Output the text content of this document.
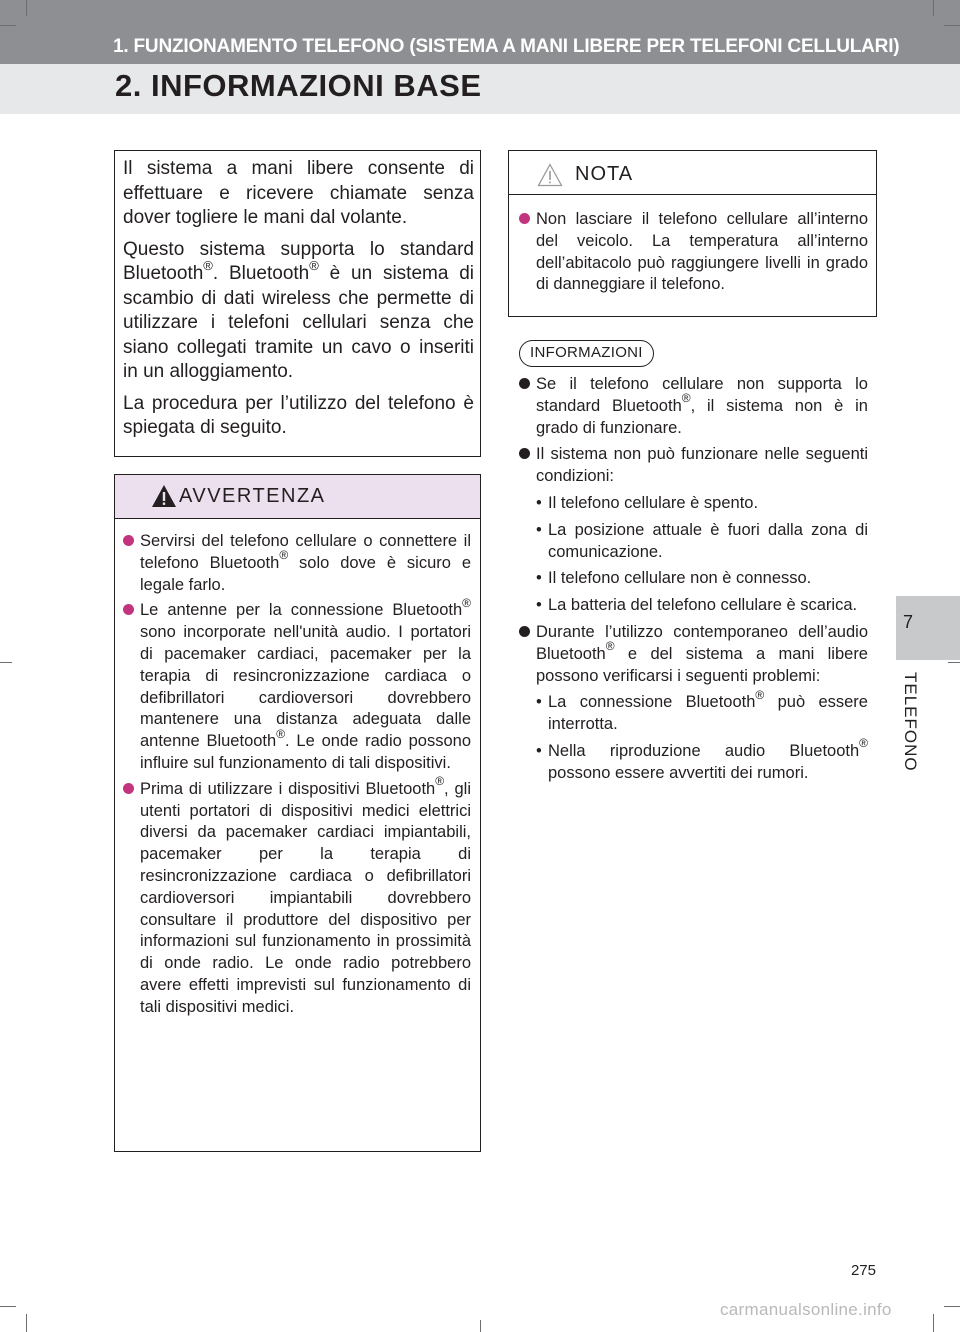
1. FUNZIONAMENTO TELEFONO (SISTEMA A MANI LIBERE PER TELEFONI CELLULARI)
2. INFORMAZIONI BASE
7
TELEFONO

Il sistema a mani libere consente di effettuare e ricevere chiamate senza dover togliere le mani dal volante.

Questo sistema supporta lo standard Bluetooth®. Bluetooth® è un sistema di scambio di dati wireless che permette di utilizzare i telefoni cellulari senza che siano collegati tramite un cavo o inseriti in un alloggiamento.

La procedura per l’utilizzo del telefono è spiegata di seguito.

AVVERTENZA
Servirsi del telefono cellulare o connettere il telefono Bluetooth® solo dove è sicuro e legale farlo.
Le antenne per la connessione Bluetooth® sono incorporate nell'unità audio. I portatori di pacemaker cardiaci, pacemaker per la terapia di resincronizzazione cardiaca o defibrillatori cardioversori dovrebbero mantenere una distanza adeguata dalle antenne Bluetooth®. Le onde radio possono influire sul funzionamento di tali dispositivi.
Prima di utilizzare i dispositivi Bluetooth®, gli utenti portatori di dispositivi medici elettrici diversi da pacemaker cardiaci impiantabili, pacemaker per la terapia di resincronizzazione cardiaca o defibrillatori cardioversori impiantabili dovrebbero consultare il produttore del dispositivo per informazioni sul funzionamento in prossimità di onde radio. Le onde radio potrebbero avere effetti imprevisti sul funzionamento di tali dispositivi medici.
NOTA
Non lasciare il telefono cellulare all’interno del veicolo. La temperatura all’interno dell’abitacolo può raggiungere livelli in grado di danneggiare il telefono.
INFORMAZIONI
Se il telefono cellulare non supporta lo standard Bluetooth®, il sistema non è in grado di funzionare.
Il sistema non può funzionare nelle seguenti condizioni:
• Il telefono cellulare è spento.
• La posizione attuale è fuori dalla zona di comunicazione.
• Il telefono cellulare non è connesso.
• La batteria del telefono cellulare è scarica.
Durante l’utilizzo contemporaneo dell’audio Bluetooth® e del sistema a mani libere possono verificarsi i seguenti problemi:
• La connessione Bluetooth® può essere interrotta.
• Nella riproduzione audio Bluetooth® possono essere avvertiti dei rumori.
275
carmanualsonline.info
